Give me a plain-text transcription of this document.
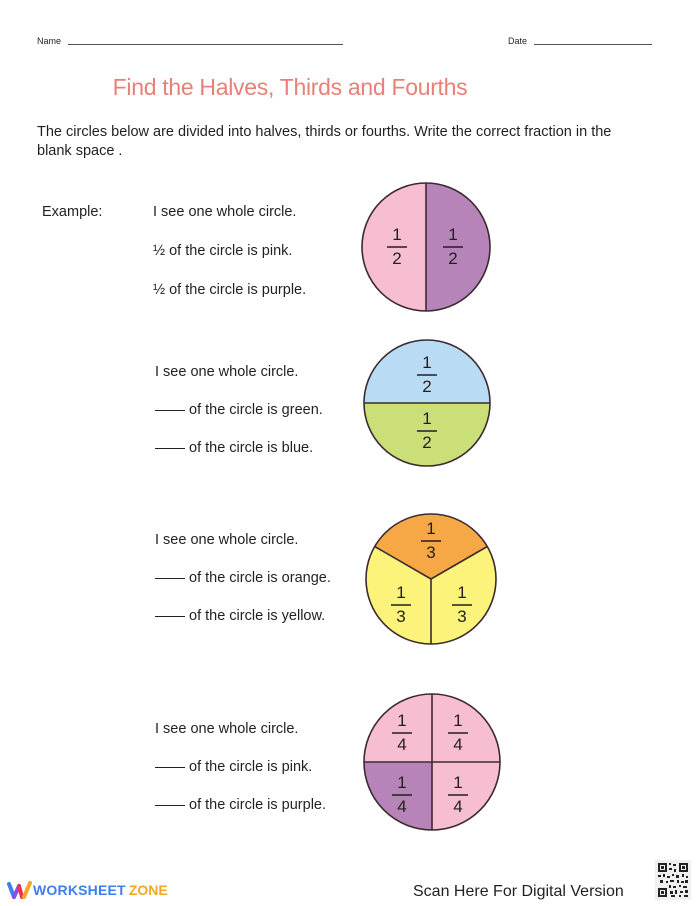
Name	Date
Find the Halves, Thirds and Fourths
The circles below are divided into halves, thirds or fourths. Write the correct fraction in the blank space .
Example:	I see one whole circle.
½ of the circle is pink.
½ of the circle is purple.
1
2
1
2
I see one whole circle.
of the circle is green.
of the circle is blue.
1
2
1
2
I see one whole circle.
of the circle is orange.
of the circle is yellow.
1
3
1
3
1
3
I see one whole circle.
of the circle is pink.
of the circle is purple.
1
4
1
4
1
4
1
4
WORKSHEET ZONE	Scan Here For Digital Version
